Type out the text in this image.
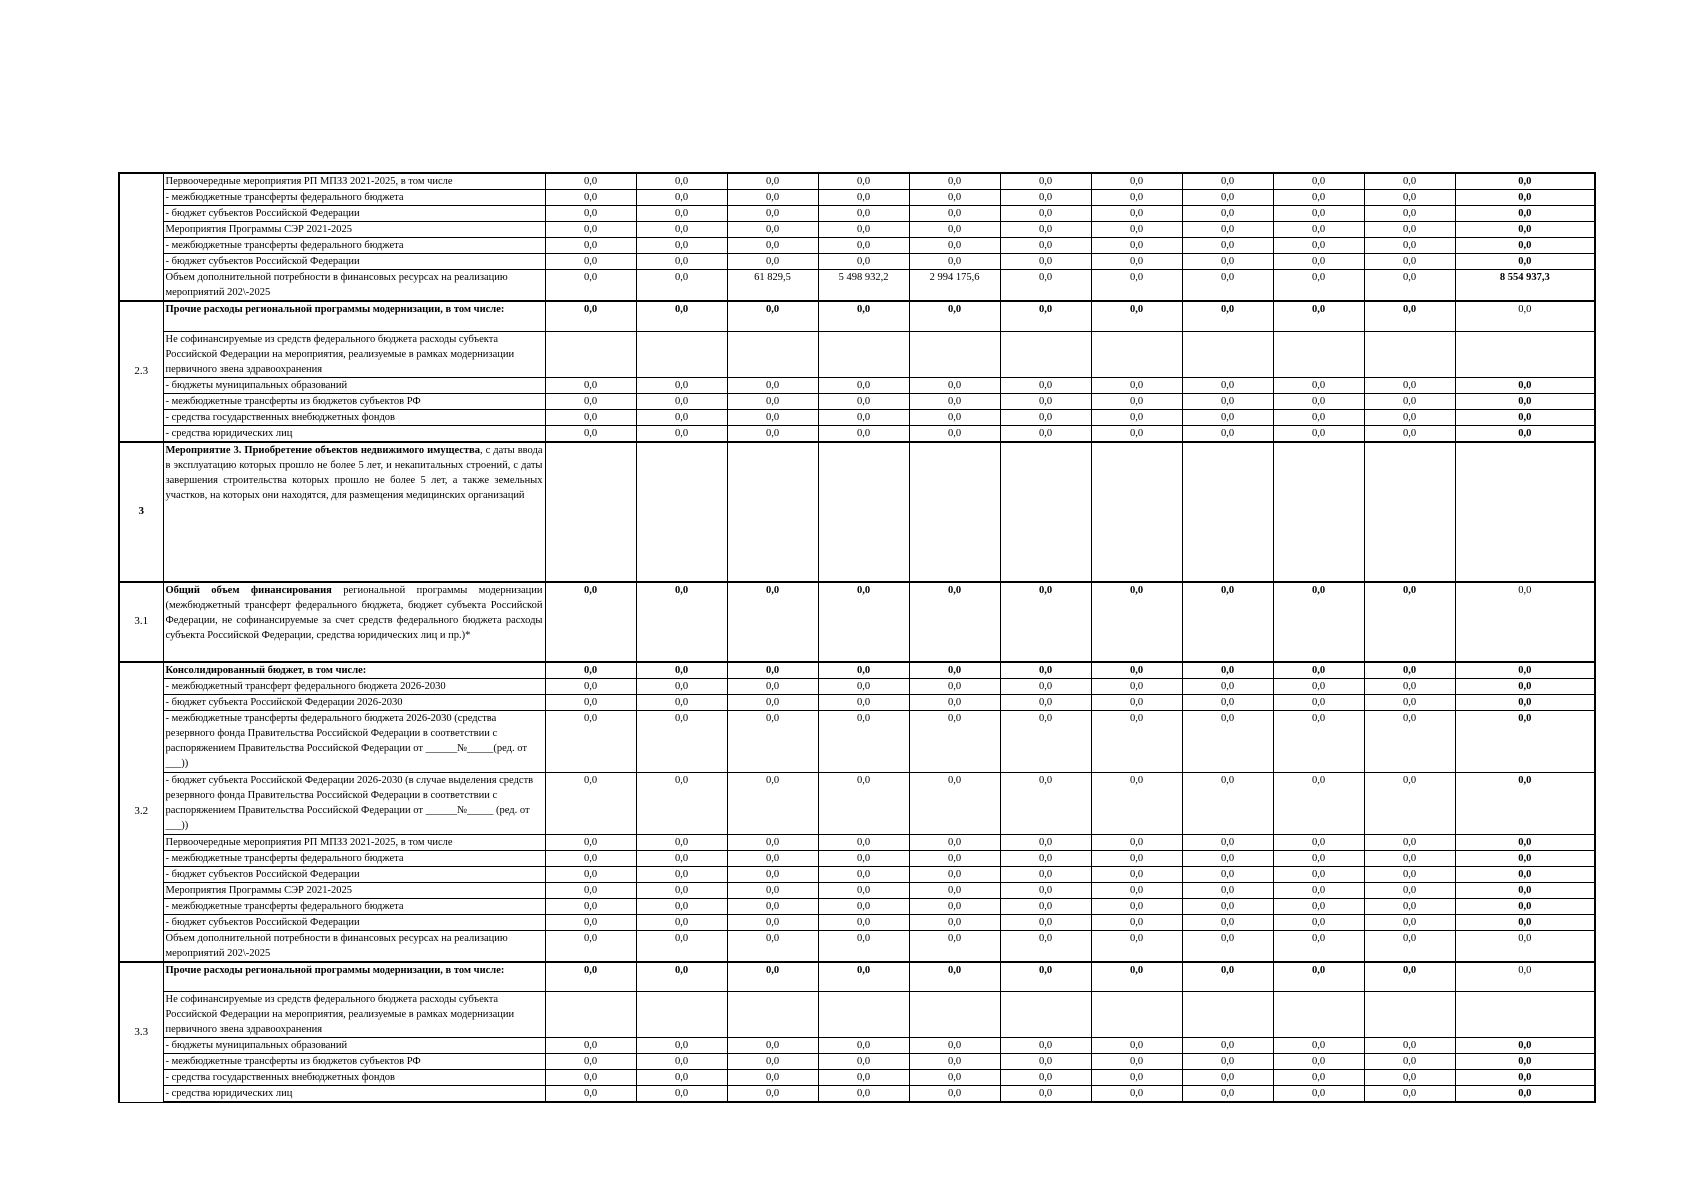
	Первоочередные мероприятия РП МПЗЗ 2021-2025, в том числе	0,0	0,0	0,0	0,0	0,0	0,0	0,0	0,0	0,0	0,0	0,0
	- межбюджетные трансферты федерального бюджета	0,0	0,0	0,0	0,0	0,0	0,0	0,0	0,0	0,0	0,0	0,0
	- бюджет субъектов Российской Федерации	0,0	0,0	0,0	0,0	0,0	0,0	0,0	0,0	0,0	0,0	0,0
	Мероприятия Программы СЭР 2021-2025	0,0	0,0	0,0	0,0	0,0	0,0	0,0	0,0	0,0	0,0	0,0
	- межбюджетные трансферты федерального бюджета	0,0	0,0	0,0	0,0	0,0	0,0	0,0	0,0	0,0	0,0	0,0
	- бюджет субъектов Российской Федерации	0,0	0,0	0,0	0,0	0,0	0,0	0,0	0,0	0,0	0,0	0,0
	Объем дополнительной потребности в финансовых ресурсах на реализацию мероприятий 202\-2025	0,0	0,0	61 829,5	5 498 932,2	2 994 175,6	0,0	0,0	0,0	0,0	0,0	8 554 937,3
2.3	Прочие расходы региональной программы модернизации, в том числе:	0,0	0,0	0,0	0,0	0,0	0,0	0,0	0,0	0,0	0,0	0,0
	Не софинансируемые из средств федерального бюджета расходы субъекта Российской Федерации на мероприятия, реализуемые в рамках модернизации первичного звена здравоохранения											
	- бюджеты муниципальных образований	0,0	0,0	0,0	0,0	0,0	0,0	0,0	0,0	0,0	0,0	0,0
	- межбюджетные трансферты из бюджетов субъектов РФ	0,0	0,0	0,0	0,0	0,0	0,0	0,0	0,0	0,0	0,0	0,0
	- средства государственных внебюджетных фондов	0,0	0,0	0,0	0,0	0,0	0,0	0,0	0,0	0,0	0,0	0,0
	- средства юридических лиц	0,0	0,0	0,0	0,0	0,0	0,0	0,0	0,0	0,0	0,0	0,0
3	Мероприятие 3. Приобретение объектов недвижимого имущества, с даты ввода в эксплуатацию которых прошло не более 5 лет, и некапитальных строений, с даты завершения строительства которых прошло не более 5 лет, а также земельных участков, на которых они находятся, для размещения медицинских организаций											
3.1	Общий объем финансирования региональной программы модернизации (межбюджетный трансферт федерального бюджета, бюджет субъекта Российской Федерации, не софинансируемые за счет средств федерального бюджета расходы субъекта Российской Федерации, средства юридических лиц и пр.)*	0,0	0,0	0,0	0,0	0,0	0,0	0,0	0,0	0,0	0,0	0,0
3.2	Консолидированный бюджет, в том числе:	0,0	0,0	0,0	0,0	0,0	0,0	0,0	0,0	0,0	0,0	0,0
	- межбюджетный трансферт федерального бюджета 2026-2030	0,0	0,0	0,0	0,0	0,0	0,0	0,0	0,0	0,0	0,0	0,0
	- бюджет субъекта Российской Федерации 2026-2030	0,0	0,0	0,0	0,0	0,0	0,0	0,0	0,0	0,0	0,0	0,0
	- межбюджетные трансферты федерального бюджета 2026-2030 (средства резервного фонда Правительства Российской Федерации в соответствии с распоряжением Правительства Российской Федерации от ______№_____(ред. от ___))	0,0	0,0	0,0	0,0	0,0	0,0	0,0	0,0	0,0	0,0	0,0
	- бюджет субъекта Российской Федерации 2026-2030 (в случае выделения средств резервного фонда Правительства Российской Федерации в соответствии с распоряжением Правительства Российской Федерации от ______№_____ (ред. от ___))	0,0	0,0	0,0	0,0	0,0	0,0	0,0	0,0	0,0	0,0	0,0
	Первоочередные мероприятия РП МПЗЗ 2021-2025, в том числе	0,0	0,0	0,0	0,0	0,0	0,0	0,0	0,0	0,0	0,0	0,0
	- межбюджетные трансферты федерального бюджета	0,0	0,0	0,0	0,0	0,0	0,0	0,0	0,0	0,0	0,0	0,0
	- бюджет субъектов Российской Федерации	0,0	0,0	0,0	0,0	0,0	0,0	0,0	0,0	0,0	0,0	0,0
	Мероприятия Программы СЭР 2021-2025	0,0	0,0	0,0	0,0	0,0	0,0	0,0	0,0	0,0	0,0	0,0
	- межбюджетные трансферты федерального бюджета	0,0	0,0	0,0	0,0	0,0	0,0	0,0	0,0	0,0	0,0	0,0
	- бюджет субъектов Российской Федерации	0,0	0,0	0,0	0,0	0,0	0,0	0,0	0,0	0,0	0,0	0,0
	Объем дополнительной потребности в финансовых ресурсах на реализацию мероприятий 202\-2025	0,0	0,0	0,0	0,0	0,0	0,0	0,0	0,0	0,0	0,0	0,0
3.3	Прочие расходы региональной программы модернизации, в том числе:	0,0	0,0	0,0	0,0	0,0	0,0	0,0	0,0	0,0	0,0	0,0
	Не софинансируемые из средств федерального бюджета расходы субъекта Российской Федерации на мероприятия, реализуемые в рамках модернизации первичного звена здравоохранения											
	- бюджеты муниципальных образований	0,0	0,0	0,0	0,0	0,0	0,0	0,0	0,0	0,0	0,0	0,0
	- межбюджетные трансферты из бюджетов субъектов РФ	0,0	0,0	0,0	0,0	0,0	0,0	0,0	0,0	0,0	0,0	0,0
	- средства государственных внебюджетных фондов	0,0	0,0	0,0	0,0	0,0	0,0	0,0	0,0	0,0	0,0	0,0
	- средства юридических лиц	0,0	0,0	0,0	0,0	0,0	0,0	0,0	0,0	0,0	0,0	0,0
